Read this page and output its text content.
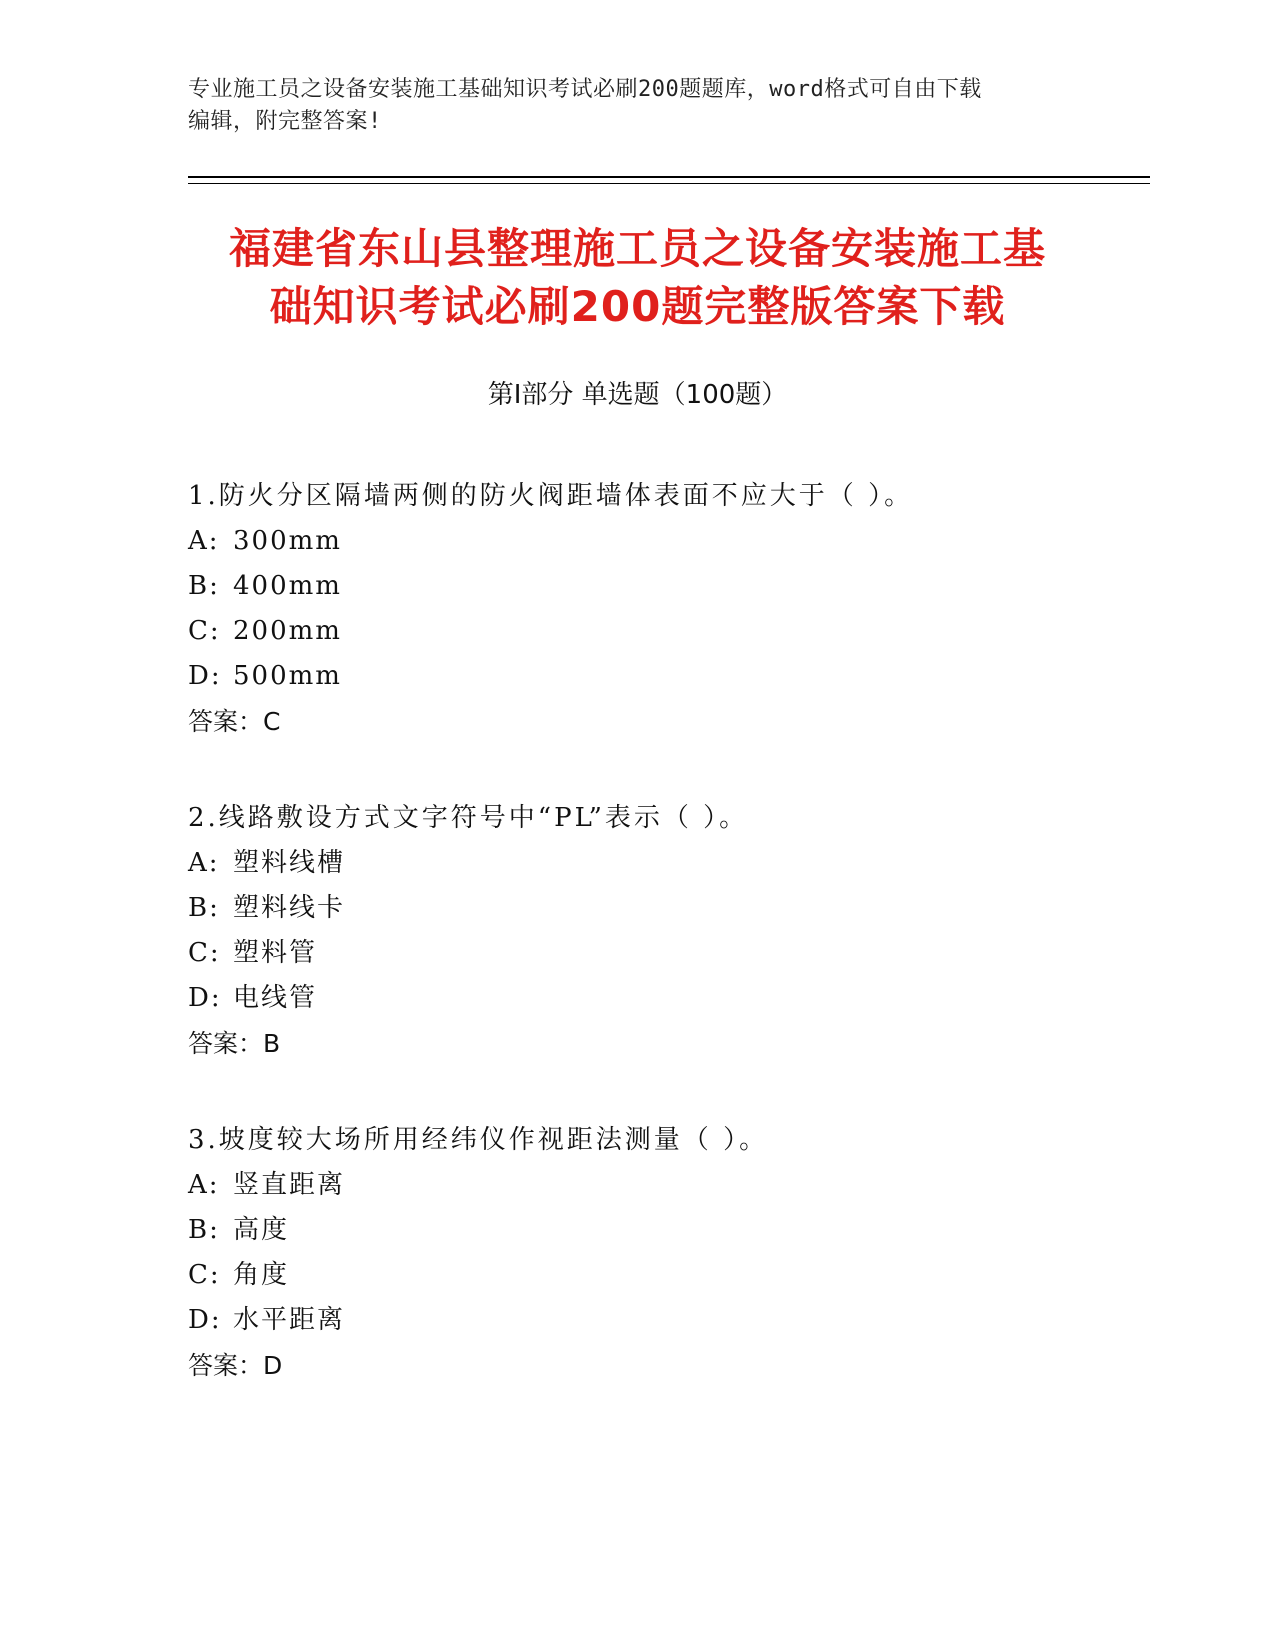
专业施工员之设备安装施工基础知识考试必刷200题题库，word格式可自由下载
编辑，附完整答案!
福建省东山县整理施工员之设备安装施工基
础知识考试必刷200题完整版答案下载
第Ⅰ部分 单选题（100题）
1.防火分区隔墙两侧的防火阀距墙体表面不应大于（ ）。
A: 300mm
B: 400mm
C: 200mm
D: 500mm
答案：C
2.线路敷设方式文字符号中“PL”表示（ ）。
A: 塑料线槽
B: 塑料线卡
C: 塑料管
D: 电线管
答案：B
3.坡度较大场所用经纬仪作视距法测量（ ）。
A: 竖直距离
B: 高度
C: 角度
D: 水平距离
答案：D
